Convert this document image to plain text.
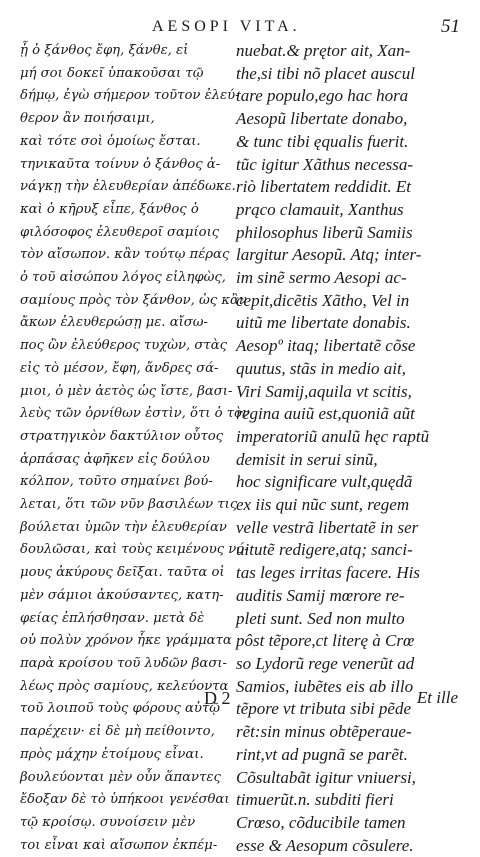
AESOPI VITA.	51
ᾗ ὁ ξάνθος ἔφη, ξάνθε, εἰ
μή σοι δοκεῖ ὑπακοῦσαι τῷ
δήμῳ, ἐγὼ σήμερον τοῦτον ἐλεύ-
θερον ἂν ποιήσαιμι,
καὶ τότε σοὶ ὁμοίως ἔσται.
τηνικαῦτα τοίνυν ὁ ξάνθος ἀ-
νάγκῃ τὴν ἐλευθερίαν ἀπέδωκε.
καὶ ὁ κῆρυξ εἶπε, ξάνθος ὁ
φιλόσοφος ἐλευθεροῖ σαμίοις
τὸν αἴσωπον. κἂν τούτῳ πέρας
ὁ τοῦ αἰσώπου λόγος εἰληφὼς,
σαμίους πρὸς τὸν ξάνθον, ὡς κἂν
ἄκων ἐλευθερώσῃ με. αἴσω-
πος ὢν ἐλεύθερος τυχὼν, στὰς
εἰς τὸ μέσον, ἔφη, ἄνδρες σά-
μιοι, ὁ μὲν ἀετὸς ὡς ἴστε, βασι-
λεὺς τῶν ὀρνίθων ἐστὶν, ὅτι ὁ τὸν
στρατηγικὸν δακτύλιον οὗτος
ἁρπάσας ἀφῆκεν εἰς δούλου
κόλπον, τοῦτο σημαίνει βού-
λεται, ὅτι τῶν νῦν βασιλέων τις
βούλεται ὑμῶν τὴν ἐλευθερίαν
δουλῶσαι, καὶ τοὺς κειμένους νό-
μους ἀκύρους δεῖξαι. ταῦτα οἱ
μὲν σάμιοι ἀκούσαντες, κατη-
φείας ἐπλήσθησαν. μετὰ δὲ
οὐ πολὺν χρόνον ἧκε γράμματα
παρὰ κροίσου τοῦ λυδῶν βασι-
λέως πρὸς σαμίους, κελεύοντα
τοῦ λοιποῦ τοὺς φόρους αὐτῷ
παρέχειν· εἰ δὲ μὴ πείθοιντο,
πρὸς μάχην ἑτοίμους εἶναι.
βουλεύονται μὲν οὖν ἅπαντες
ἔδοξαν δὲ τὸ ὑπήκοοι γενέσθαι
τῷ κροίσῳ. συνοίσειν μὲν
τοι εἶναι καὶ αἴσωπον ἐκπέμ-
nuebat.& prętor ait, Xan-
the,si tibi nõ placet auscul
tare populo,ego hac hora
Aesopũ libertate donabo,
& tunc tibi ęqualis fuerit.
tũc igitur Xãthus necessa-
riò libertatem reddidit. Et
prąco clamauit, Xanthus
philosophus liberũ Samiis
largitur Aesopũ. Atq; inter-
im sinẽ sermo Aesopi ac-
cepit,dicẽtis Xãtho, Vel in
uitũ me libertate donabis.
Aesopº itaq; libertatẽ cõse
quutus, stãs in medio ait,
Viri Samij,aquila vt scitis,
regina auiũ est,quoniã aũt
imperatoriũ anulũ hęc raptũ
demisit in serui sinũ,
hoc significare vult,quędã
ex iis qui nũc sunt, regem
velle vestrã libertatẽ in ser
uitutẽ redigere,atq; sanci-
tas leges irritas facere. His
auditis Samij mœrore re-
pleti sunt. Sed non multo
pôst tẽpore,ct literę à Crœ
so Lydorũ rege venerũt ad
Samios, iubẽtes eis ab illo
tẽpore vt tributa sibi pẽde
rẽt:sin minus obtẽperaue-
rint,vt ad pugnã se parẽt.
Cõsultabãt igitur vniuersi,
timuerũt.n. subditi fieri
Crœso, cõducibile tamen
esse & Aesopum cõsulere.
D 2	Et ille
